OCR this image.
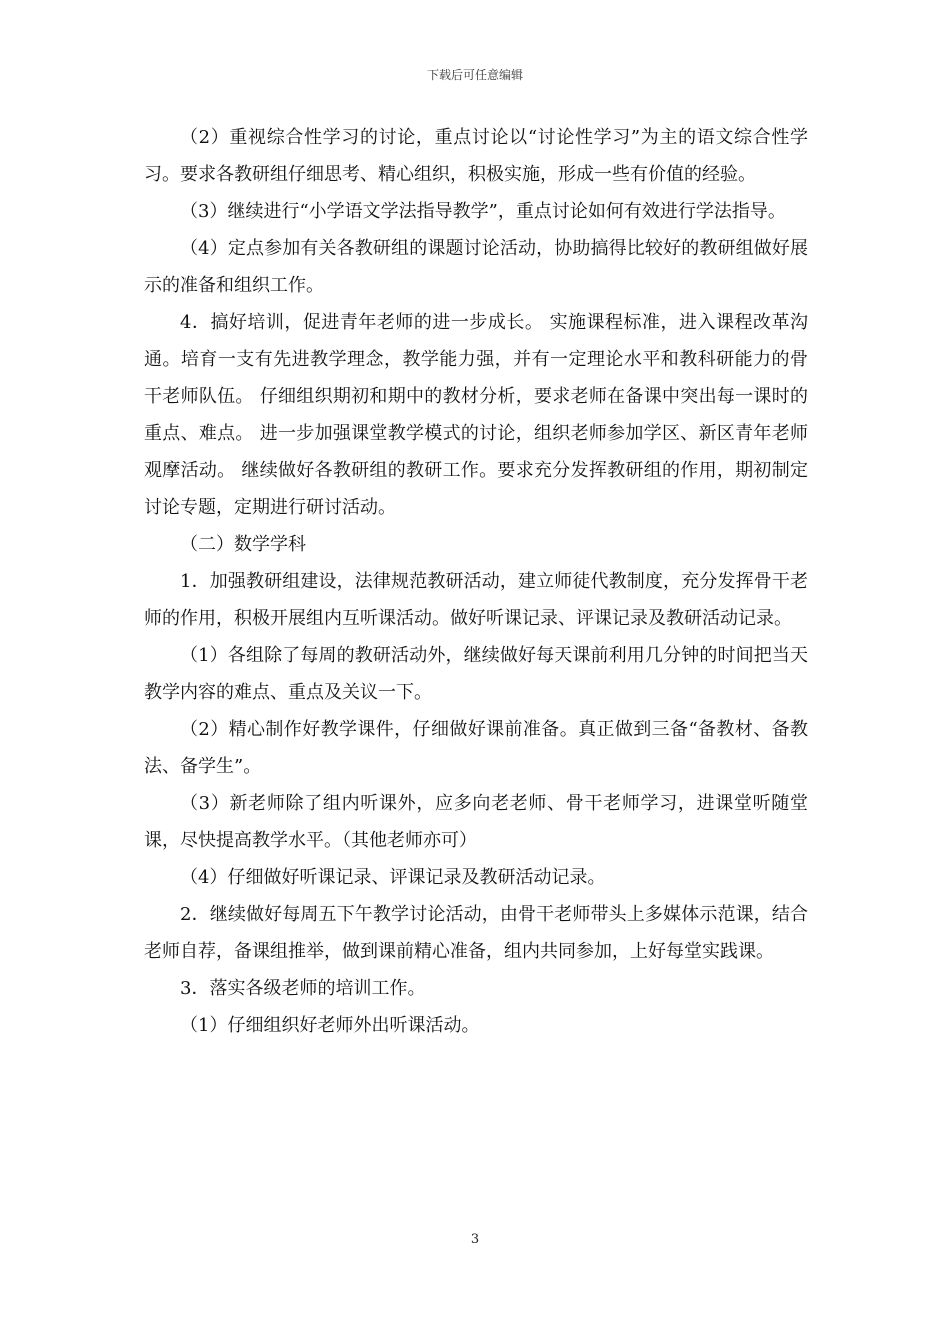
下载后可任意编辑

（2）重视综合性学习的讨论，重点讨论以“讨论性学习”为主的语文综合性学习。要求各教研组仔细思考、精心组织，积极实施，形成一些有价值的经验。

（3）继续进行“小学语文学法指导教学”，重点讨论如何有效进行学法指导。

（4）定点参加有关各教研组的课题讨论活动，协助搞得比较好的教研组做好展示的准备和组织工作。

4．搞好培训，促进青年老师的进一步成长。 实施课程标准，进入课程改革沟通。培育一支有先进教学理念，教学能力强，并有一定理论水平和教科研能力的骨干老师队伍。 仔细组织期初和期中的教材分析，要求老师在备课中突出每一课时的重点、难点。 进一步加强课堂教学模式的讨论，组织老师参加学区、新区青年老师观摩活动。 继续做好各教研组的教研工作。要求充分发挥教研组的作用，期初制定讨论专题，定期进行研讨活动。

（二）数学学科

1．加强教研组建设，法律规范教研活动，建立师徒代教制度，充分发挥骨干老师的作用，积极开展组内互听课活动。做好听课记录、评课记录及教研活动记录。

（1）各组除了每周的教研活动外，继续做好每天课前利用几分钟的时间把当天教学内容的难点、重点及关议一下。

（2）精心制作好教学课件，仔细做好课前准备。真正做到三备“备教材、备教法、备学生”。

（3）新老师除了组内听课外，应多向老老师、骨干老师学习，进课堂听随堂课，尽快提高教学水平。（其他老师亦可）

（4）仔细做好听课记录、评课记录及教研活动记录。

2．继续做好每周五下午教学讨论活动，由骨干老师带头上多媒体示范课，结合老师自荐，备课组推举，做到课前精心准备，组内共同参加，上好每堂实践课。

3．落实各级老师的培训工作。

（1）仔细组织好老师外出听课活动。

3
